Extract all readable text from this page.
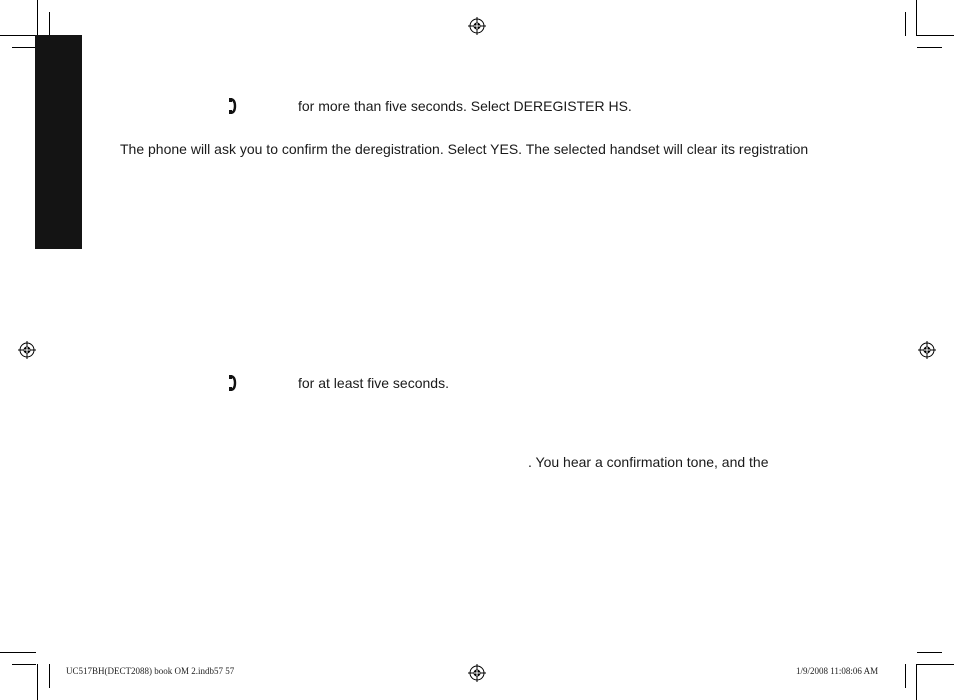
for more than five seconds. Select DEREGISTER HS.
The phone will ask you to confirm the deregistration. Select YES. The selected handset will clear its registration
for at least five seconds.
. You hear a confirmation tone, and the
UC517BH(DECT2088) book OM 2.indb57 57	1/9/2008 11:08:06 AM
